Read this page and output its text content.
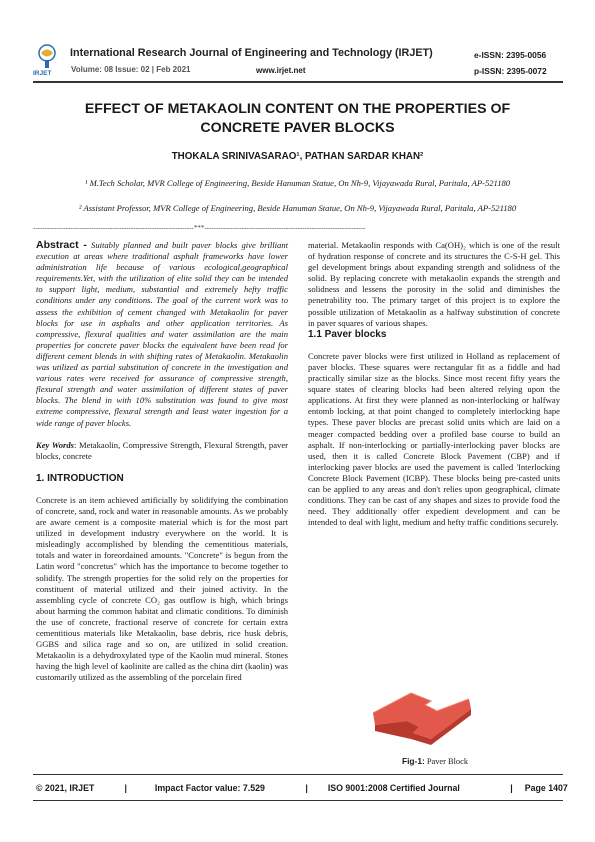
IRJET
International Research Journal of Engineering and Technology (IRJET)	e-ISSN: 2395-0056
Volume: 08 Issue: 02 | Feb 2021	www.irjet.net	p-ISSN: 2395-0072
EFFECT OF METAKAOLIN CONTENT ON THE PROPERTIES OF
CONCRETE PAVER BLOCKS
THOKALA SRINIVASARAO¹, PATHAN SARDAR KHAN²
¹ M.Tech Scholar, MVR College of Engineering, Beside Hanuman Statue, On Nh-9, Vijayawada Rural, Paritala, AP-521180
² Assistant Professor, MVR College of Engineering, Beside Hanuman Statue, On Nh-9, Vijayawada Rural, Paritala, AP-521180
---------------------------------------------------------------------***---------------------------------------------------------------------

Abstract - Suitably planned and built paver blocks give brilliant execution at areas where traditional asphalt frameworks have lower administration life because of various ecological,geographical requirements.Yet, with the utilization of elite solid they can be intended to support light, medium, substantial and extremely hefty traffic conditions under any conditions. The goal of the current work was to assess the exhibition of cement changed with Metakaolin for paver blocks for use in asphalts and other application territories. As compressive, flexural qualities and water assimilation are the main properties for concrete paver blocks the equivalent have been read for different cement blends in with shifting rates of Metakaolin. Metakaolin was utilized as partial substitution of concrete in the investigation and various rates were received for assurance of compressive strength, flexural strength and water assimilation of different states of paver blocks. The blend in with 10% substitution was found to give most extreme compressive, flexural strength and least water ingestion for a wide range of paver blocks.

Key Words: Metakaolin, Compressive Strength, Flexural Strength, paver blocks, concrete

1. INTRODUCTION

Concrete is an item achieved artificially by solidifying the combination of concrete, sand, rock and water in reasonable amounts. As we probably are aware cement is a composite material which is for the most part utilized in development industry everywhere on the world. It is misleadingly accomplished by blending the cementitious materials, totals and water in foreordained amounts. "Concrete" is begun from the Latin word "concretus" which has the importance to become together to solidify. The strength properties for the solid rely on the properties for constituent of material utilized and their joined activity. In the assembling cycle of concrete CO₂ gas outflow is high, which brings about harming the common habitat and climatic conditions. To diminish the use of concrete, fractional reserve of concrete for certain extra cementitious materials like Metakaolin, base debris, rice husk debris, GGBS and silica rage and so on, are utilized in solid creation. Metakaolin is a dehydroxylated type of the Kaolin mud mineral. Stones having the high level of kaolinite are called as the china dirt (kaolin) was customarily utilized as the assembling of the porcelain fired

material. Metakaolin responds with Ca(OH)₂ which is one of the result of hydration response of concrete and its structures the C-S-H gel. This gel development brings about expanding strength and solidness of the solid. By replacing concrete with metakaolin expands the strength and solidness and lessens the porosity in the solid and diminishes the penetrability too. The primary target of this project is to explore the possible utilization of Metakaolin as a halfway substitution of concrete in paver squares of various shapes.

1.1 Paver blocks

Concrete paver blocks were first utilized in Holland as replacement of paver blocks. These squares were rectangular fit as a fiddle and had practically similar size as the blocks. Since most recent fifty years the square states of clearing blocks had been altered relying upon the applications. At first they were planned as non-interlocking or halfway entomb locking, at that point changed to completely interlocking hape types. These paver blocks are precast solid units which are laid on a meager compacted bedding over a profiled base course to build an asphalt. If non-interlocking or partially-interlocking paver blocks are used, then it is called Concrete Block Pavement (CBP) and if interlocking paver blocks are used the pavement is called 'Interlocking Concrete Block Pavement (ICBP). These blocks being pre-casted units can be applied to any areas and don't relies upon geographical, climate conditions. They can be cast of any shapes and sizes to provide food the need. They additionally offer expedient development and can be intended to deal with light, medium and hefty traffic conditions securely.

Fig-1: Paver Block
© 2021, IRJET	|	Impact Factor value: 7.529	| ISO 9001:2008 Certified Journal	| Page 1407
